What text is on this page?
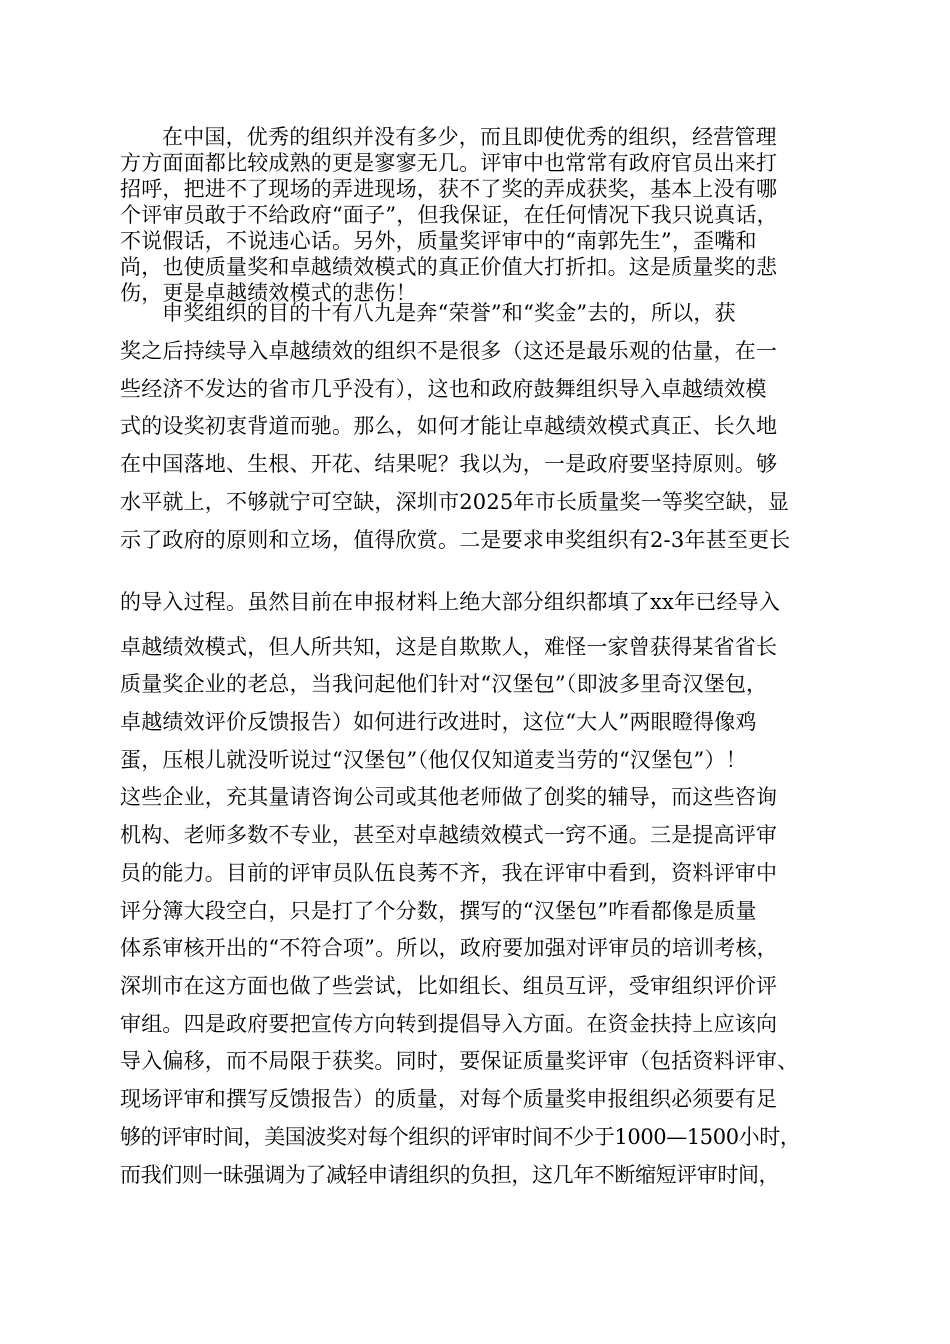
在中国，优秀的组织并没有多少，而且即使优秀的组织，经营管理
方方面面都比较成熟的更是寥寥无几。评审中也常常有政府官员出来打
招呼，把进不了现场的弄进现场，获不了奖的弄成获奖，基本上没有哪
个评审员敢于不给政府“面子”，但我保证，在任何情况下我只说真话，
不说假话，不说违心话。另外，质量奖评审中的“南郭先生”，歪嘴和
尚，也使质量奖和卓越绩效模式的真正价值大打折扣。这是质量奖的悲
伤，更是卓越绩效模式的悲伤！
申奖组织的目的十有八九是奔“荣誉”和“奖金”去的，所以，获
奖之后持续导入卓越绩效的组织不是很多（这还是最乐观的估量，在一
些经济不发达的省市几乎没有），这也和政府鼓舞组织导入卓越绩效模
式的设奖初衷背道而驰。那么，如何才能让卓越绩效模式真正、长久地
在中国落地、生根、开花、结果呢？我以为，一是政府要坚持原则。够
水平就上，不够就宁可空缺，深圳市2025年市长质量奖一等奖空缺，显
示了政府的原则和立场，值得欣赏。二是要求申奖组织有2-3年甚至更长
的导入过程。虽然目前在申报材料上绝大部分组织都填了xx年已经导入
卓越绩效模式，但人所共知，这是自欺欺人，难怪一家曾获得某省省长
质量奖企业的老总，当我问起他们针对“汉堡包”（即波多里奇汉堡包，
卓越绩效评价反馈报告）如何进行改进时，这位“大人”两眼瞪得像鸡
蛋，压根儿就没听说过“汉堡包”（他仅仅知道麦当劳的“汉堡包”）！
这些企业，充其量请咨询公司或其他老师做了创奖的辅导，而这些咨询
机构、老师多数不专业，甚至对卓越绩效模式一窍不通。三是提高评审
员的能力。目前的评审员队伍良莠不齐，我在评审中看到，资料评审中
评分簿大段空白，只是打了个分数，撰写的“汉堡包”咋看都像是质量
体系审核开出的“不符合项”。所以，政府要加强对评审员的培训考核，
深圳市在这方面也做了些尝试，比如组长、组员互评，受审组织评价评
审组。四是政府要把宣传方向转到提倡导入方面。在资金扶持上应该向
导入偏移，而不局限于获奖。同时，要保证质量奖评审（包括资料评审、
现场评审和撰写反馈报告）的质量，对每个质量奖申报组织必须要有足
够的评审时间，美国波奖对每个组织的评审时间不少于1000—1500小时，
而我们则一昧强调为了减轻申请组织的负担，这几年不断缩短评审时间，
